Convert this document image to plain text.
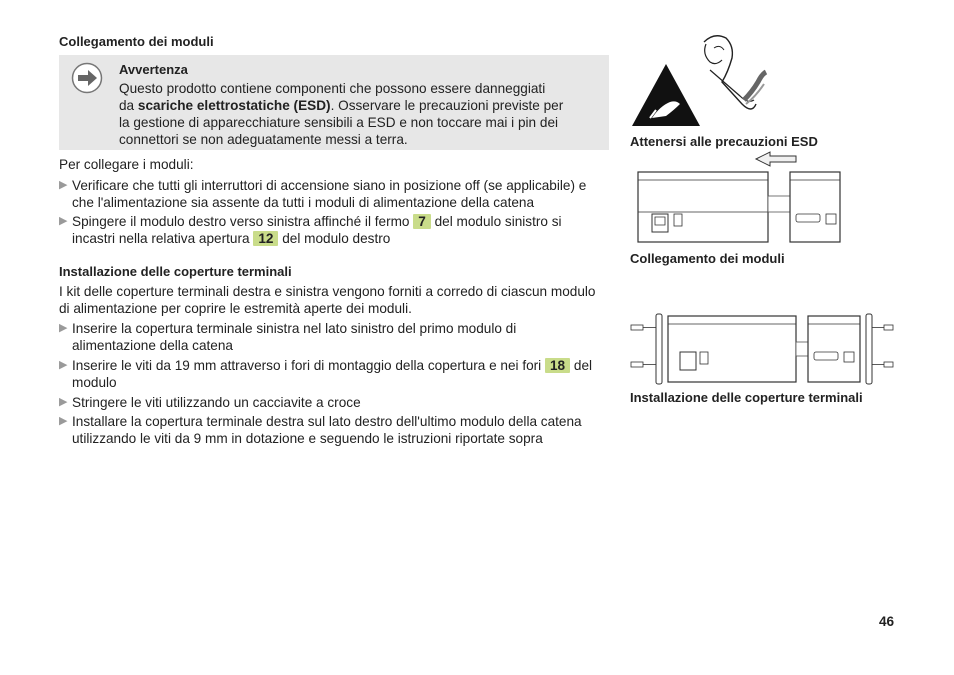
Collegamento dei moduli
Avvertenza
Questo prodotto contiene componenti che possono essere danneggiati
da scariche elettrostatiche (ESD). Osservare le precauzioni previste per
la gestione di apparecchiature sensibili a ESD e non toccare mai i pin dei
connettori se non adeguatamente messi a terra.
Per collegare i moduli:
▶ Verificare che tutti gli interruttori di accensione siano in posizione off (se applicabile) e
che l'alimentazione sia assente da tutti i moduli di alimentazione della catena
▶ Spingere il modulo destro verso sinistra affinché il fermo 7 del modulo sinistro si
incastri nella relativa apertura 12 del modulo destro
Installazione delle coperture terminali
I kit delle coperture terminali destra e sinistra vengono forniti a corredo di ciascun modulo
di alimentazione per coprire le estremità aperte dei moduli.
▶ Inserire la copertura terminale sinistra nel lato sinistro del primo modulo di
alimentazione della catena
▶ Inserire le viti da 19 mm attraverso i fori di montaggio della copertura e nei fori 18 del
modulo
▶ Stringere le viti utilizzando un cacciavite a croce
▶ Installare la copertura terminale destra sul lato destro dell'ultimo modulo della catena
utilizzando le viti da 9 mm in dotazione e seguendo le istruzioni riportate sopra
Attenersi alle precauzioni ESD
Collegamento dei moduli
Installazione delle coperture terminali
46
